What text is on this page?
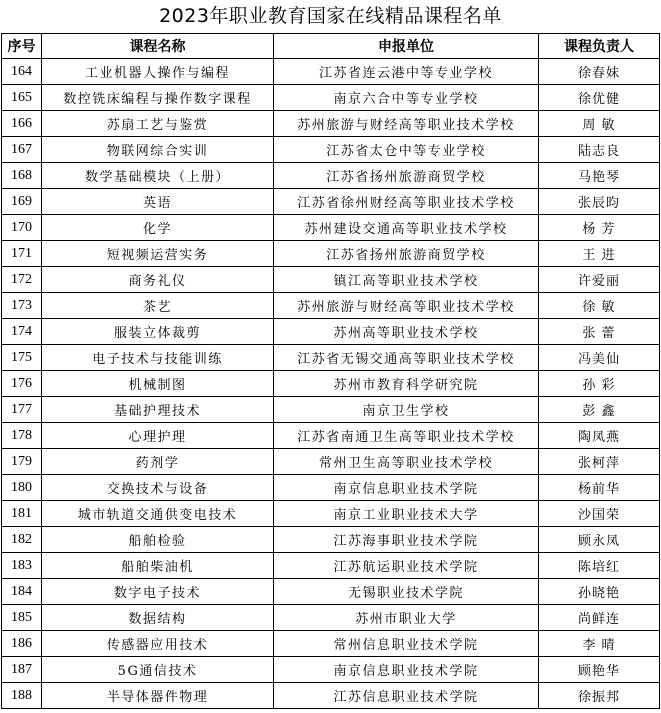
2023年职业教育国家在线精品课程名单
序号	课程名称	申报单位	课程负责人
164	工业机器人操作与编程	江苏省连云港中等专业学校	徐春妹
165	数控铣床编程与操作数字课程	南京六合中等专业学校	徐优健
166	苏扇工艺与鉴赏	苏州旅游与财经高等职业技术学校	周 敏
167	物联网综合实训	江苏省太仓中等专业学校	陆志良
168	数学基础模块（上册）	江苏省扬州旅游商贸学校	马艳琴
169	英语	江苏省徐州财经高等职业技术学校	张辰昀
170	化学	苏州建设交通高等职业技术学校	杨 芳
171	短视频运营实务	江苏省扬州旅游商贸学校	王 进
172	商务礼仪	镇江高等职业技术学校	许爱丽
173	茶艺	苏州旅游与财经高等职业技术学校	徐 敏
174	服装立体裁剪	苏州高等职业技术学校	张 蕾
175	电子技术与技能训练	江苏省无锡交通高等职业技术学校	冯美仙
176	机械制图	苏州市教育科学研究院	孙 彩
177	基础护理技术	南京卫生学校	彭 鑫
178	心理护理	江苏省南通卫生高等职业技术学校	陶凤燕
179	药剂学	常州卫生高等职业技术学校	张柯萍
180	交换技术与设备	南京信息职业技术学院	杨前华
181	城市轨道交通供变电技术	南京工业职业技术大学	沙国荣
182	船舶检验	江苏海事职业技术学院	顾永凤
183	船舶柴油机	江苏航运职业技术学院	陈培红
184	数字电子技术	无锡职业技术学院	孙晓艳
185	数据结构	苏州市职业大学	尚鲜连
186	传感器应用技术	常州信息职业技术学院	李 晴
187	5G通信技术	南京信息职业技术学院	顾艳华
188	半导体器件物理	江苏信息职业技术学院	徐振邦
